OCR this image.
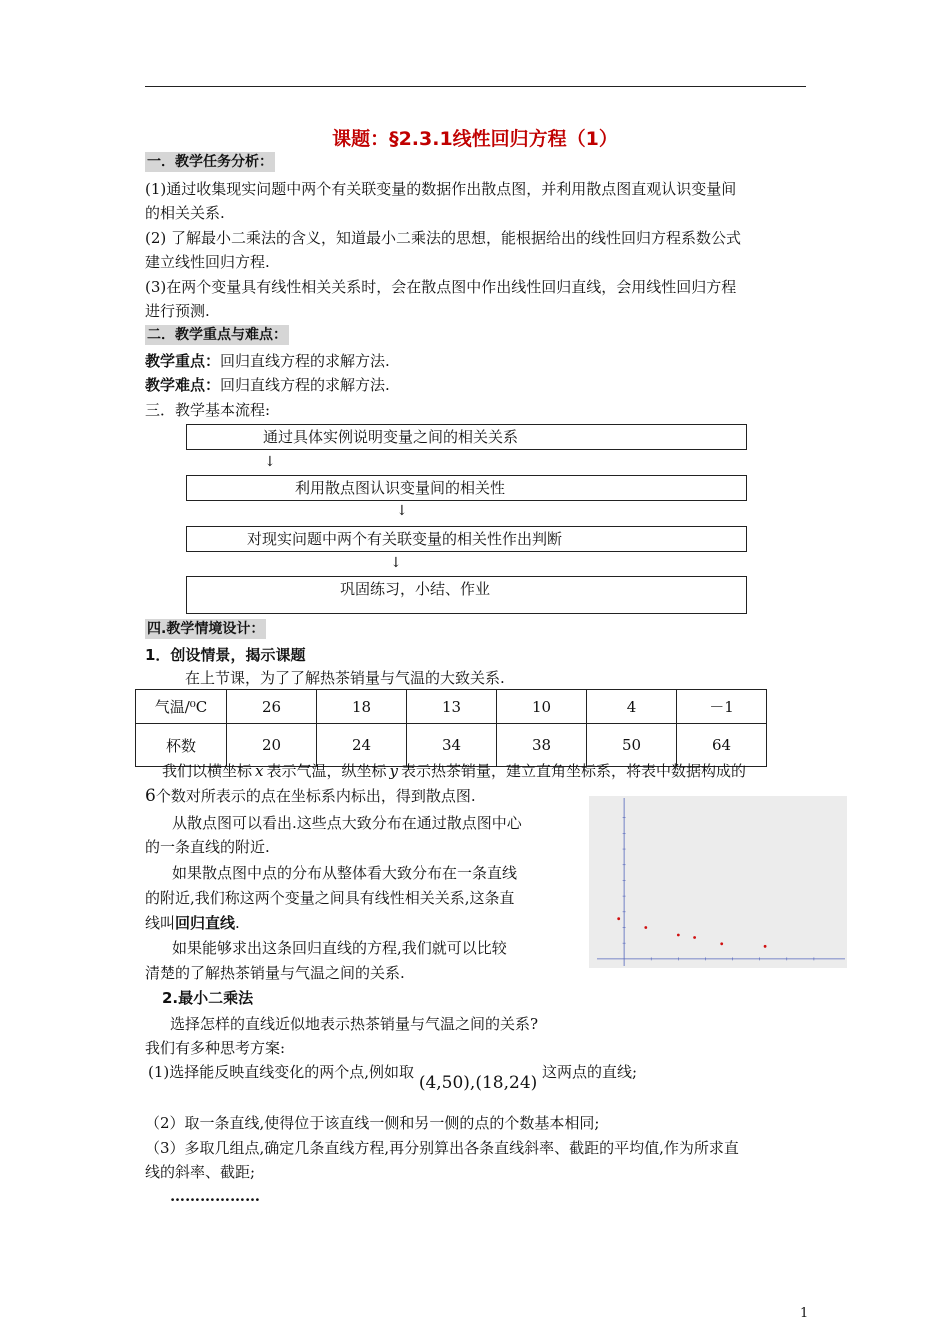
课题：§2.3.1线性回归方程（1）
一．教学任务分析：
(1)通过收集现实问题中两个有关联变量的数据作出散点图，并利用散点图直观认识变量间
的相关关系.
(2) 了解最小二乘法的含义，知道最小二乘法的思想，能根据给出的线性回归方程系数公式
建立线性回归方程.
(3)在两个变量具有线性相关关系时，会在散点图中作出线性回归直线，会用线性回归方程
进行预测.
二．教学重点与难点：
教学重点：回归直线方程的求解方法.
教学难点：回归直线方程的求解方法.
三．教学基本流程:
通过具体实例说明变量之间的相关关系
↓
利用散点图认识变量间的相关性
↓
对现实问题中两个有关联变量的相关性作出判断
↓
巩固练习，小结、作业
四.教学情境设计：
1．创设情景，揭示课题
在上节课，为了了解热茶销量与气温的大致关系.
气温/⁰C	26	18	13	10	4	－1
杯数	20	24	34	38	50	64
我们以横坐标 x 表示气温，纵坐标 y 表示热茶销量，建立直角坐标系，将表中数据构成的
6个数对所表示的点在坐标系内标出，得到散点图.
从散点图可以看出.这些点大致分布在通过散点图中心
的一条直线的附近.
如果散点图中点的分布从整体看大致分布在一条直线
的附近,我们称这两个变量之间具有线性相关关系,这条直
线叫回归直线.
如果能够求出这条回归直线的方程,我们就可以比较
清楚的了解热茶销量与气温之间的关系.
2.最小二乘法
选择怎样的直线近似地表示热茶销量与气温之间的关系?
我们有多种思考方案:
(1)选择能反映直线变化的两个点,例如取 (4,50),(18,24) 这两点的直线;
（2）取一条直线,使得位于该直线一侧和另一侧的点的个数基本相同;
（3）多取几组点,确定几条直线方程,再分别算出各条直线斜率、截距的平均值,作为所求直
线的斜率、截距;
………………
1
